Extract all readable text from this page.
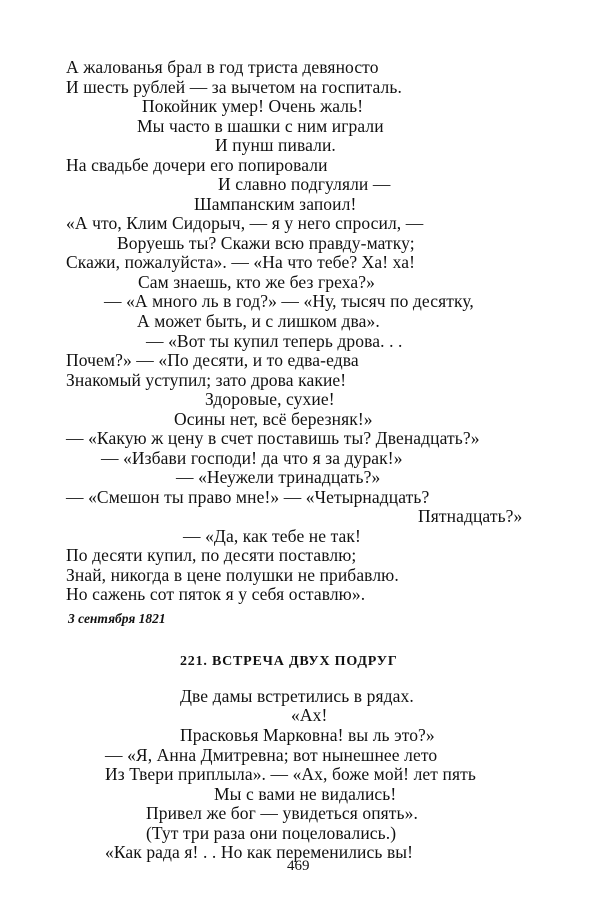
А жалованья брал в год триста девяносто
И шесть рублей — за вычетом на госпиталь.
Покойник умер! Очень жаль!
Мы часто в шашки с ним играли
И пунш пивали.
На свадьбе дочери его попировали
И славно подгуляли —
Шампанским запоил!
«А что, Клим Сидорыч, — я у него спросил, —
Воруешь ты? Скажи всю правду-матку;
Скажи, пожалуйста». — «На что тебе? Ха! ха!
Сам знаешь, кто же без греха?»
— «А много ль в год?» — «Ну, тысяч по десятку,
А может быть, и с лишком два».
— «Вот ты купил теперь дрова. . .
Почем?» — «По десяти, и то едва-едва
Знакомый уступил; зато дрова какие!
Здоровые, сухие!
Осины нет, всё березняк!»
— «Какую ж цену в счет поставишь ты? Двенадцать?»
— «Избави господи! да что я за дурак!»
— «Неужели тринадцать?»
— «Смешон ты право мне!» — «Четырнадцать?
Пятнадцать?»
— «Да, как тебе не так!
По десяти купил, по десяти поставлю;
Знай, никогда в цене полушки не прибавлю.
Но сажень сот пяток я у себя оставлю».
3 сентября 1821
221. ВСТРЕЧА ДВУХ ПОДРУГ
Две дамы встретились в рядах.
«Ах!
Прасковья Марковна! вы ль это?»
— «Я, Анна Дмитревна; вот нынешнее лето
Из Твери приплыла». — «Ах, боже мой! лет пять
Мы с вами не видались!
Привел же бог — увидеться опять».
(Тут три раза они поцеловались.)
«Как рада я! . . Но как переменились вы!
469
